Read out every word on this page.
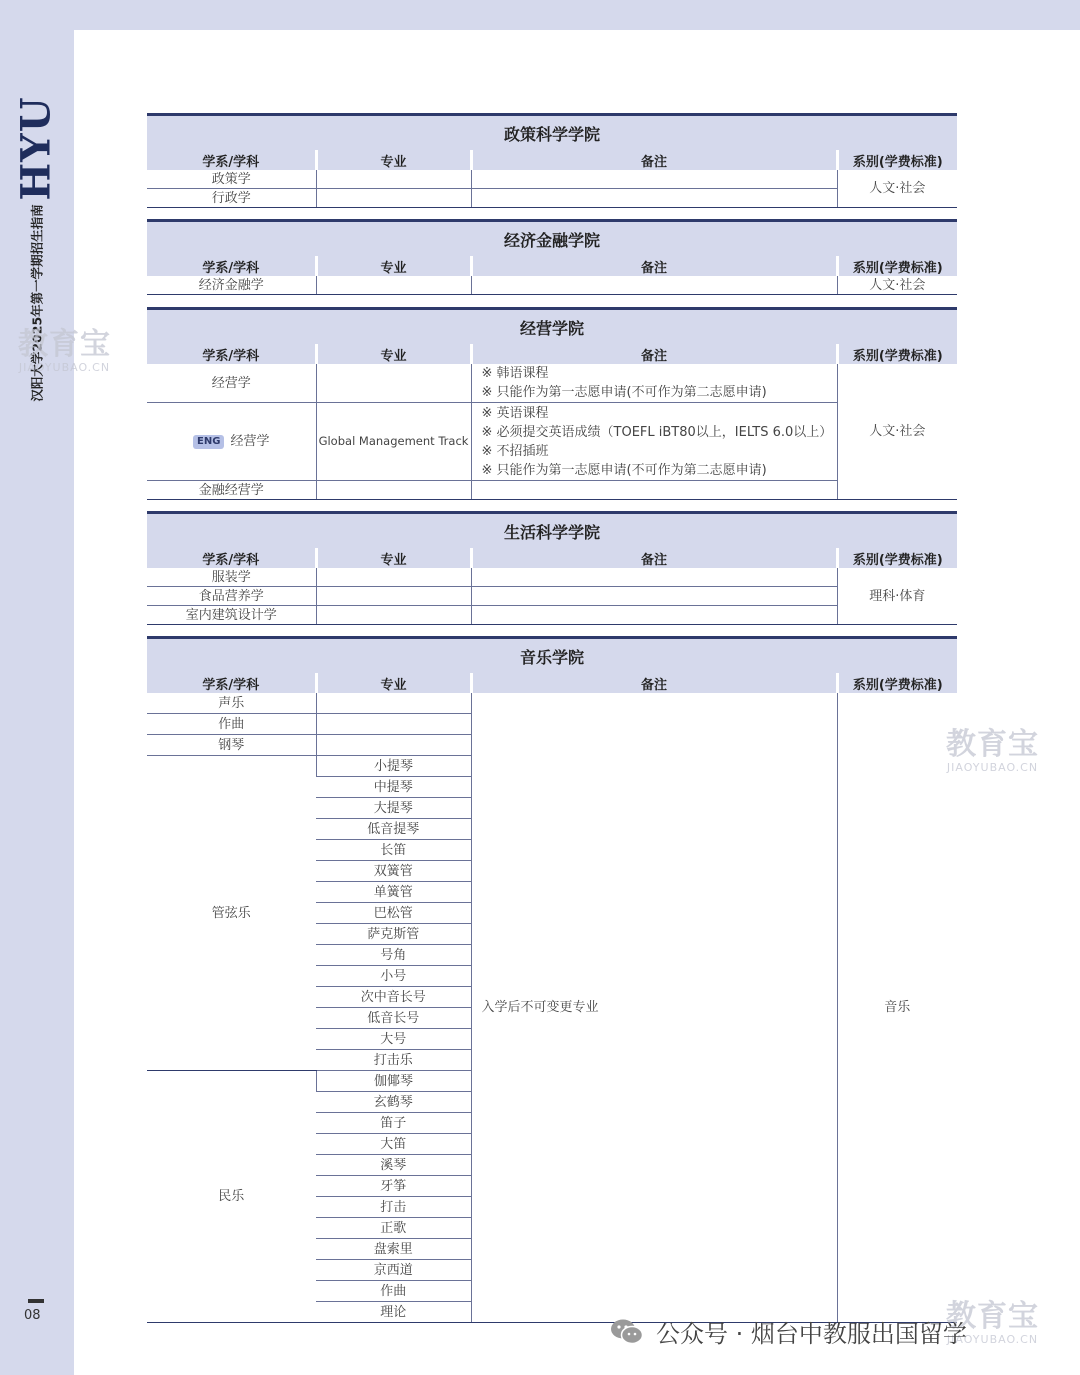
HYU
汉阳大学2025年第一学期招生指南
08
政策科学学院			
学系/学科	专业	备注	系别(学费标准)
政策学			人文·社会
行政学			
经济金融学院			
学系/学科	专业	备注	系别(学费标准)
经济金融学			人文·社会
经营学院			
学系/学科	专业	备注	系别(学费标准)
经营学		※ 韩语课程
※ 只能作为第一志愿申请(不可作为第二志愿申请)	人文·社会
ENG 经营学	Global Management Track	※ 英语课程
※ 必须提交英语成绩（TOEFL iBT80以上，IELTS 6.0以上）
※ 不招插班
※ 只能作为第一志愿申请(不可作为第二志愿申请)	

金融经营学			
生活科学学院			
学系/学科	专业	备注	系别(学费标准)
服装学			理科·体育
食品营养学			
室内建筑设计学			
音乐学院			
学系/学科	专业	备注	系别(学费标准)
声乐		入学后不可变更专业	音乐
作曲			
钢琴			
管弦乐	小提琴		
	中提琴		
	大提琴		
	低音提琴		
	长笛		
	双簧管		
	单簧管		
	巴松管		
	萨克斯管		
	号角		
	小号		
	次中音长号		
	低音长号		
	大号		
	打击乐		
民乐	伽倻琴		
	玄鹤琴		
	笛子		
	大笛		
	溪琴		
	牙筝		
	打击		
	正歌		
	盘索里		
	京西道		
	作曲		
	理论		
教育宝
JIAOYUBAO.CN
教育宝
JIAOYUBAO.CN
教育宝
JIAOYUBAO.CN
公众号 · 烟台中教服出国留学
